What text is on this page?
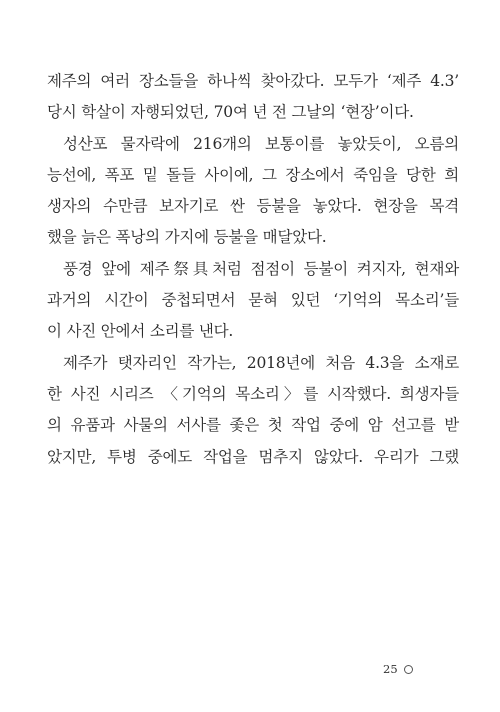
제주의 여러 장소들을 하나씩 찾아갔다. 모두가 ‘제주 4.3’
당시 학살이 자행되었던, 70여 년 전 그날의 ‘현장’이다.
성산포 물자락에 216개의 보통이를 놓았듯이, 오름의
능선에, 폭포 밑 돌들 사이에, 그 장소에서 죽임을 당한 희
생자의 수만큼 보자기로 싼 등불을 놓았다. 현장을 목격
했을 늙은 폭낭의 가지에 등불을 매달았다.
풍경 앞에 제주祭具처럼 점점이 등불이 켜지자, 현재와
과거의 시간이 중첩되면서 묻혀 있던 ‘기억의 목소리’들
이 사진 안에서 소리를 낸다.
제주가 탯자리인 작가는, 2018년에 처음 4.3을 소재로
한 사진 시리즈 〈기억의 목소리〉를 시작했다. 희생자들
의 유품과 사물의 서사를 좇은 첫 작업 중에 암 선고를 받
았지만, 투병 중에도 작업을 멈추지 않았다. 우리가 그랬
25
